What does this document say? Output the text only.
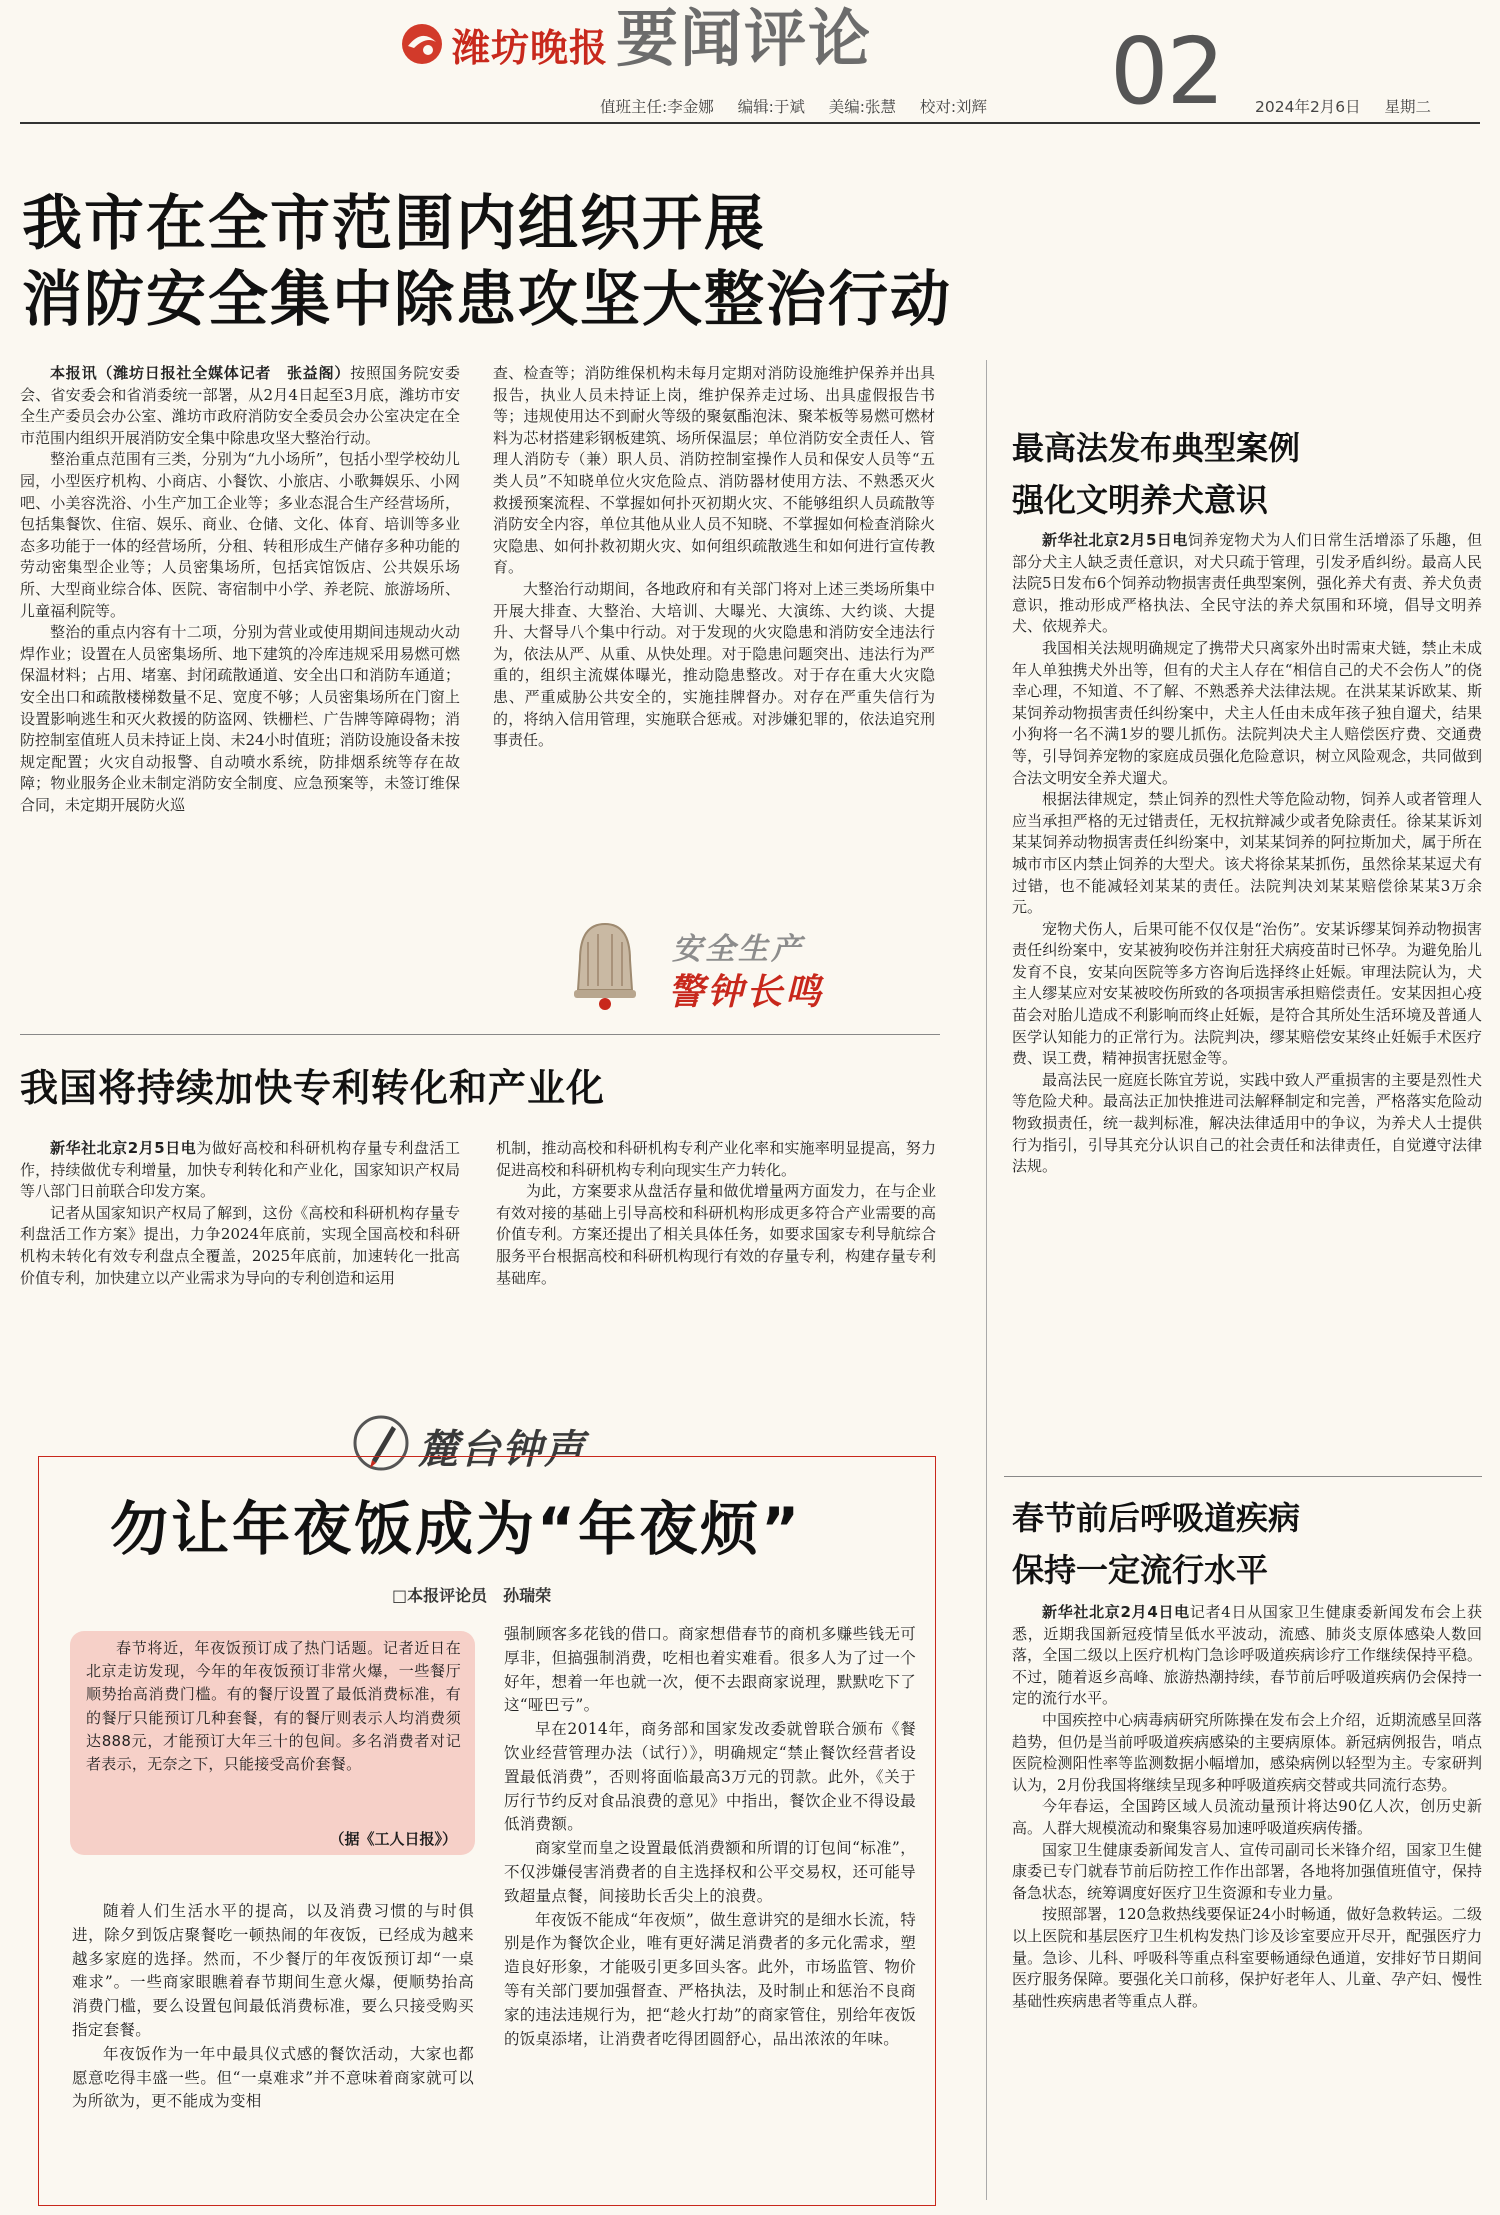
潍坊晚报 要闻评论
值班主任:李金娜 编辑:于斌 美编:张慧 校对:刘辉 02 2024年2月6日 星期二
我市在全市范围内组织开展
消防安全集中除患攻坚大整治行动

本报讯（潍坊日报社全媒体记者　张益阁）按照国务院安委会、省安委会和省消委统一部署，从2月4日起至3月底，潍坊市安全生产委员会办公室、潍坊市政府消防安全委员会办公室决定在全市范围内组织开展消防安全集中除患攻坚大整治行动。

整治重点范围有三类，分别为“九小场所”，包括小型学校幼儿园，小型医疗机构、小商店、小餐饮、小旅店、小歌舞娱乐、小网吧、小美容洗浴、小生产加工企业等；多业态混合生产经营场所，包括集餐饮、住宿、娱乐、商业、仓储、文化、体育、培训等多业态多功能于一体的经营场所，分租、转租形成生产储存多种功能的劳动密集型企业等；人员密集场所，包括宾馆饭店、公共娱乐场所、大型商业综合体、医院、寄宿制中小学、养老院、旅游场所、儿童福利院等。

整治的重点内容有十二项，分别为营业或使用期间违规动火动焊作业；设置在人员密集场所、地下建筑的冷库违规采用易燃可燃保温材料；占用、堵塞、封闭疏散通道、安全出口和消防车通道；安全出口和疏散楼梯数量不足、宽度不够；人员密集场所在门窗上设置影响逃生和灭火救援的防盗网、铁栅栏、广告牌等障碍物；消防控制室值班人员未持证上岗、未24小时值班；消防设施设备未按规定配置；火灾自动报警、自动喷水系统，防排烟系统等存在故障；物业服务企业未制定消防安全制度、应急预案等，未签订维保合同，未定期开展防火巡

查、检查等；消防维保机构未每月定期对消防设施维护保养并出具报告，执业人员未持证上岗，维护保养走过场、出具虚假报告书等；违规使用达不到耐火等级的聚氨酯泡沫、聚苯板等易燃可燃材料为芯材搭建彩钢板建筑、场所保温层；单位消防安全责任人、管理人消防专（兼）职人员、消防控制室操作人员和保安人员等“五类人员”不知晓单位火灾危险点、消防器材使用方法、不熟悉灭火救援预案流程、不掌握如何扑灭初期火灾、不能够组织人员疏散等消防安全内容，单位其他从业人员不知晓、不掌握如何检查消除火灾隐患、如何扑救初期火灾、如何组织疏散逃生和如何进行宣传教育。

大整治行动期间，各地政府和有关部门将对上述三类场所集中开展大排查、大整治、大培训、大曝光、大演练、大约谈、大提升、大督导八个集中行动。对于发现的火灾隐患和消防安全违法行为，依法从严、从重、从快处理。对于隐患问题突出、违法行为严重的，组织主流媒体曝光，推动隐患整改。对于存在重大火灾隐患、严重威胁公共安全的，实施挂牌督办。对存在严重失信行为的，将纳入信用管理，实施联合惩戒。对涉嫌犯罪的，依法追究刑事责任。

安全生产
警钟长鸣
我国将持续加快专利转化和产业化

新华社北京2月5日电为做好高校和科研机构存量专利盘活工作，持续做优专利增量，加快专利转化和产业化，国家知识产权局等八部门日前联合印发方案。

记者从国家知识产权局了解到，这份《高校和科研机构存量专利盘活工作方案》提出，力争2024年底前，实现全国高校和科研机构未转化有效专利盘点全覆盖，2025年底前，加速转化一批高价值专利，加快建立以产业需求为导向的专利创造和运用

机制，推动高校和科研机构专利产业化率和实施率明显提高，努力促进高校和科研机构专利向现实生产力转化。

为此，方案要求从盘活存量和做优增量两方面发力，在与企业有效对接的基础上引导高校和科研机构形成更多符合产业需要的高价值专利。方案还提出了相关具体任务，如要求国家专利导航综合服务平台根据高校和科研机构现行有效的存量专利，构建存量专利基础库。

麓台钟声
勿让年夜饭成为“年夜烦”
□本报评论员　孙瑞荣

春节将近，年夜饭预订成了热门话题。记者近日在北京走访发现，今年的年夜饭预订非常火爆，一些餐厅顺势抬高消费门槛。有的餐厅设置了最低消费标准，有的餐厅只能预订几种套餐，有的餐厅则表示人均消费须达888元，才能预订大年三十的包间。多名消费者对记者表示，无奈之下，只能接受高价套餐。

（据《工人日报》）

随着人们生活水平的提高，以及消费习惯的与时俱进，除夕到饭店聚餐吃一顿热闹的年夜饭，已经成为越来越多家庭的选择。然而，不少餐厅的年夜饭预订却“一桌难求”。一些商家眼瞧着春节期间生意火爆，便顺势抬高消费门槛，要么设置包间最低消费标准，要么只接受购买指定套餐。

年夜饭作为一年中最具仪式感的餐饮活动，大家也都愿意吃得丰盛一些。但“一桌难求”并不意味着商家就可以为所欲为，更不能成为变相

强制顾客多花钱的借口。商家想借春节的商机多赚些钱无可厚非，但搞强制消费，吃相也着实难看。很多人为了过一个好年，想着一年也就一次，便不去跟商家说理，默默吃下了这“哑巴亏”。

早在2014年，商务部和国家发改委就曾联合颁布《餐饮业经营管理办法（试行）》，明确规定“禁止餐饮经营者设置最低消费”，否则将面临最高3万元的罚款。此外，《关于厉行节约反对食品浪费的意见》中指出，餐饮企业不得设最低消费额。

商家堂而皇之设置最低消费额和所谓的订包间“标准”，不仅涉嫌侵害消费者的自主选择权和公平交易权，还可能导致超量点餐，间接助长舌尖上的浪费。

年夜饭不能成“年夜烦”，做生意讲究的是细水长流，特别是作为餐饮企业，唯有更好满足消费者的多元化需求，塑造良好形象，才能吸引更多回头客。此外，市场监管、物价等有关部门要加强督查、严格执法，及时制止和惩治不良商家的违法违规行为，把“趁火打劫”的商家管住，别给年夜饭的饭桌添堵，让消费者吃得团圆舒心，品出浓浓的年味。

最高法发布典型案例
强化文明养犬意识

新华社北京2月5日电饲养宠物犬为人们日常生活增添了乐趣，但部分犬主人缺乏责任意识，对犬只疏于管理，引发矛盾纠纷。最高人民法院5日发布6个饲养动物损害责任典型案例，强化养犬有责、养犬负责意识，推动形成严格执法、全民守法的养犬氛围和环境，倡导文明养犬、依规养犬。

我国相关法规明确规定了携带犬只离家外出时需束犬链，禁止未成年人单独携犬外出等，但有的犬主人存在“相信自己的犬不会伤人”的侥幸心理，不知道、不了解、不熟悉养犬法律法规。在洪某某诉欧某、斯某饲养动物损害责任纠纷案中，犬主人任由未成年孩子独自遛犬，结果小狗将一名不满1岁的婴儿抓伤。法院判决犬主人赔偿医疗费、交通费等，引导饲养宠物的家庭成员强化危险意识，树立风险观念，共同做到合法文明安全养犬遛犬。

根据法律规定，禁止饲养的烈性犬等危险动物，饲养人或者管理人应当承担严格的无过错责任，无权抗辩减少或者免除责任。徐某某诉刘某某饲养动物损害责任纠纷案中，刘某某饲养的阿拉斯加犬，属于所在城市市区内禁止饲养的大型犬。该犬将徐某某抓伤，虽然徐某某逗犬有过错，也不能减轻刘某某的责任。法院判决刘某某赔偿徐某某3万余元。

宠物犬伤人，后果可能不仅仅是“治伤”。安某诉缪某饲养动物损害责任纠纷案中，安某被狗咬伤并注射狂犬病疫苗时已怀孕。为避免胎儿发育不良，安某向医院等多方咨询后选择终止妊娠。审理法院认为，犬主人缪某应对安某被咬伤所致的各项损害承担赔偿责任。安某因担心疫苗会对胎儿造成不利影响而终止妊娠，是符合其所处生活环境及普通人医学认知能力的正常行为。法院判决，缪某赔偿安某终止妊娠手术医疗费、误工费，精神损害抚慰金等。

最高法民一庭庭长陈宜芳说，实践中致人严重损害的主要是烈性犬等危险犬种。最高法正加快推进司法解释制定和完善，严格落实危险动物致损责任，统一裁判标准，解决法律适用中的争议，为养犬人士提供行为指引，引导其充分认识自己的社会责任和法律责任，自觉遵守法律法规。

春节前后呼吸道疾病
保持一定流行水平

新华社北京2月4日电记者4日从国家卫生健康委新闻发布会上获悉，近期我国新冠疫情呈低水平波动，流感、肺炎支原体感染人数回落，全国二级以上医疗机构门急诊呼吸道疾病诊疗工作继续保持平稳。不过，随着返乡高峰、旅游热潮持续，春节前后呼吸道疾病仍会保持一定的流行水平。

中国疾控中心病毒病研究所陈操在发布会上介绍，近期流感呈回落趋势，但仍是当前呼吸道疾病感染的主要病原体。新冠病例报告，哨点医院检测阳性率等监测数据小幅增加，感染病例以轻型为主。专家研判认为，2月份我国将继续呈现多种呼吸道疾病交替或共同流行态势。

今年春运，全国跨区域人员流动量预计将达90亿人次，创历史新高。人群大规模流动和聚集容易加速呼吸道疾病传播。

国家卫生健康委新闻发言人、宣传司副司长米锋介绍，国家卫生健康委已专门就春节前后防控工作作出部署，各地将加强值班值守，保持备急状态，统筹调度好医疗卫生资源和专业力量。

按照部署，120急救热线要保证24小时畅通，做好急救转运。二级以上医院和基层医疗卫生机构发热门诊及诊室要应开尽开，配强医疗力量。急诊、儿科、呼吸科等重点科室要畅通绿色通道，安排好节日期间医疗服务保障。要强化关口前移，保护好老年人、儿童、孕产妇、慢性基础性疾病患者等重点人群。
